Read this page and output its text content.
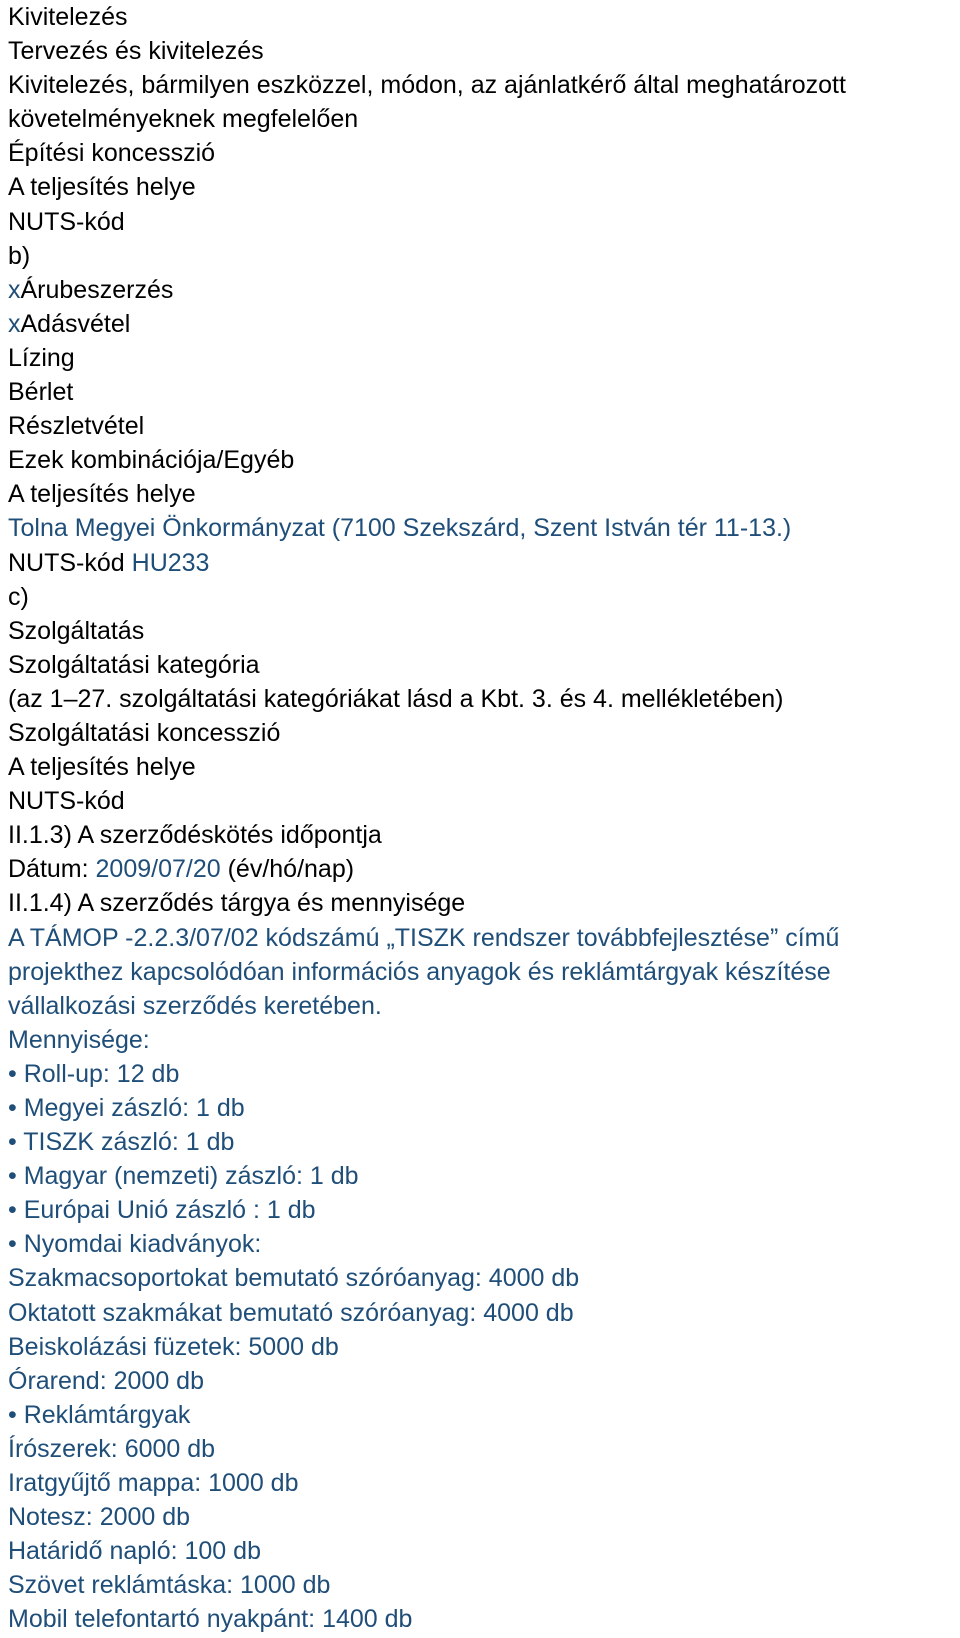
Kivitelezés
Tervezés és kivitelezés
Kivitelezés, bármilyen eszközzel, módon, az ajánlatkérő által meghatározott követelményeknek megfelelően
Építési koncesszió
A teljesítés helye
NUTS-kód
b)
xÁrubeszerzés
xAdásvétel
Lízing
Bérlet
Részletvétel
Ezek kombinációja/Egyéb
A teljesítés helye
Tolna Megyei Önkormányzat (7100 Szekszárd, Szent István tér 11-13.)
NUTS-kód HU233
c)
Szolgáltatás
Szolgáltatási kategória
(az 1–27. szolgáltatási kategóriákat lásd a Kbt. 3. és 4. mellékletében)
Szolgáltatási koncesszió
A teljesítés helye
NUTS-kód
II.1.3) A szerződéskötés időpontja
Dátum: 2009/07/20 (év/hó/nap)
II.1.4) A szerződés tárgya és mennyisége
A TÁMOP -2.2.3/07/02 kódszámú „TISZK rendszer továbbfejlesztése” című projekthez kapcsolódóan információs anyagok és reklámtárgyak készítése vállalkozási szerződés keretében.
Mennyisége:
• Roll-up: 12 db
• Megyei zászló: 1 db
• TISZK zászló: 1 db
• Magyar (nemzeti) zászló: 1 db
• Európai Unió zászló : 1 db
• Nyomdai kiadványok:
Szakmacsoportokat bemutató szóróanyag: 4000 db
Oktatott szakmákat bemutató szóróanyag: 4000 db
Beiskolázási füzetek: 5000 db
Órarend: 2000 db
• Reklámtárgyak
Írószerek: 6000 db
Iratgyűjtő mappa: 1000 db
Notesz: 2000 db
Határidő napló: 100 db
Szövet reklámtáska: 1000 db
Mobil telefontartó nyakpánt: 1400 db
